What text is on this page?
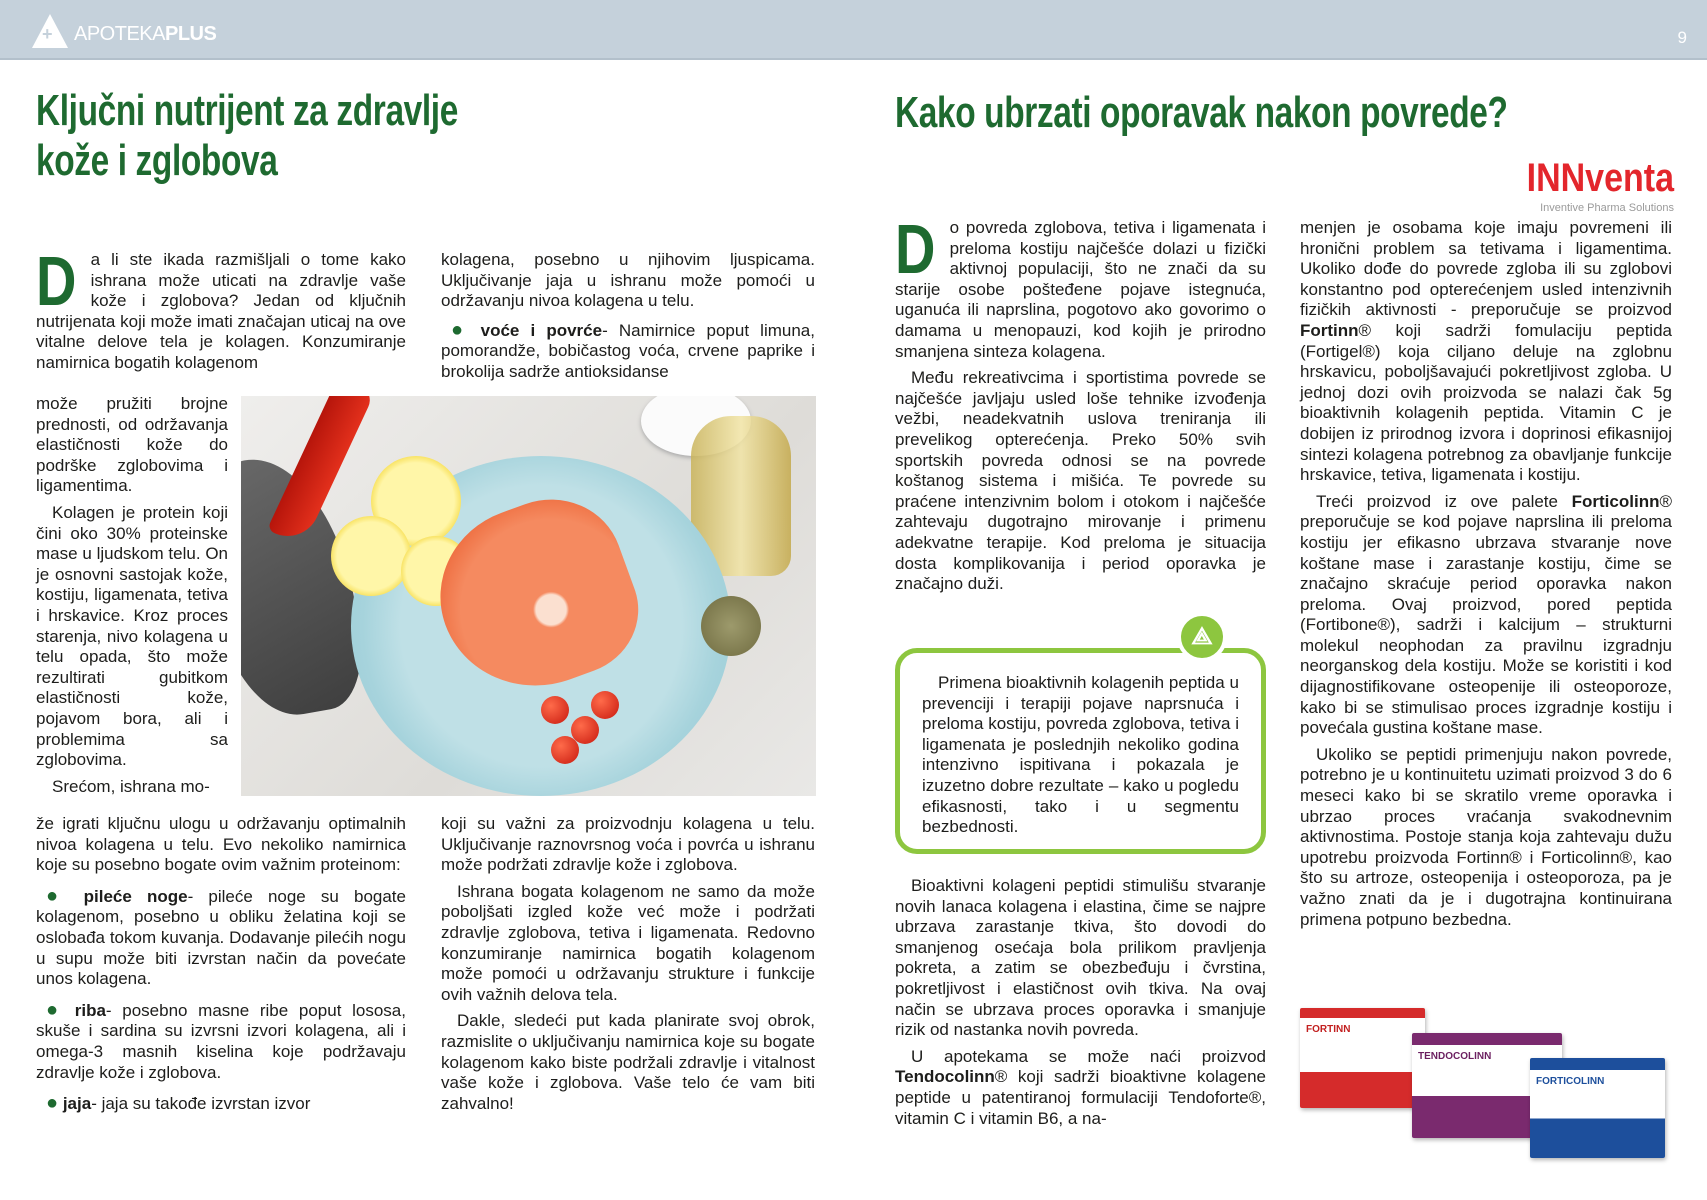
+
APOTEKAPLUS	9
Ključni nutrijent za zdravlje
kože i zglobova
Kako ubrzati oporavak nakon povrede?
INNventa
Inventive Pharma Solutions

Da li ste ikada razmišljali o tome kako ishrana može uticati na zdravlje vaše kože i zglobova? Jedan od ključnih nutrijenata koji može imati značajan uticaj na ove vitalne delove tela je kolagen. Konzumiranje namirnica bogatih kolagenom

može pružiti brojne prednosti, od održavanja elastičnosti kože do podrške zglobovima i ligamentima.

Kolagen je protein koji čini oko 30% proteinske mase u ljudskom telu. On je osnovni sastojak kože, kostiju, ligamenata, tetiva i hrskavice. Kroz proces starenja, nivo kolagena u telu opada, što može rezultirati gubitkom elastičnosti kože, pojavom bora, ali i problemima sa zglobovima.

Srećom, ishrana mo-

že igrati ključnu ulogu u održavanju optimalnih nivoa kolagena u telu. Evo nekoliko namirnica koje su posebno bogate ovim važnim proteinom:

● pileće noge- pileće noge su bogate kolagenom, posebno u obliku želatina koji se oslobađa tokom kuvanja. Dodavanje pilećih nogu u supu može biti izvrstan način da povećate unos kolagena.

● riba- posebno masne ribe poput lososa, skuše i sardina su izvrsni izvori kolagena, ali i omega-3 masnih kiselina koje podržavaju zdravlje kože i zglobova.

● jaja- jaja su takođe izvrstan izvor

kolagena, posebno u njihovim ljuspicama. Uključivanje jaja u ishranu može pomoći u održavanju nivoa kolagena u telu.

● voće i povrće- Namirnice poput limuna, pomorandže, bobičastog voća, crvene paprike i brokolija sadrže antioksidanse

koji su važni za proizvodnju kolagena u telu. Uključivanje raznovrsnog voća i povrća u ishranu može podržati zdravlje kože i zglobova.

Ishrana bogata kolagenom ne samo da može poboljšati izgled kože već može i podržati zdravlje zglobova, tetiva i ligamenata. Redovno konzumiranje namirnica bogatih kolagenom može pomoći u održavanju strukture i funkcije ovih važnih delova tela.

Dakle, sledeći put kada planirate svoj obrok, razmislite o uključivanju namirnica koje su bogate kolagenom kako biste podržali zdravlje i vitalnost vaše kože i zglobova. Vaše telo će vam biti zahvalno!

Do povreda zglobova, tetiva i ligamenata i preloma kostiju najčešće dolazi u fizički aktivnoj populaciji, što ne znači da su starije osobe pošteđene pojave istegnuća, uganuća ili naprslina, pogotovo ako govorimo o damama u menopauzi, kod kojih je prirodno smanjena sinteza kolagena.

Među rekreativcima i sportistima povrede se najčešće javljaju usled loše tehnike izvođenja vežbi, neadekvatnih uslova treniranja ili prevelikog opterećenja. Preko 50% svih sportskih povreda odnosi se na povrede koštanog sistema i mišića. Te povrede su praćene intenzivnim bolom i otokom i najčešće zahtevaju dugotrajno mirovanje i primenu adekvatne terapije. Kod preloma je situacija dosta komplikovanija i period oporavka je značajno duži.

Primena bioaktivnih kolagenih peptida u prevenciji i terapiji pojave naprsnuća i preloma kostiju, povreda zglobova, tetiva i ligamenata je poslednjih nekoliko godina intenzivno ispitivana i pokazala je izuzetno dobre rezultate – kako u pogledu efikasnosti, tako i u segmentu bezbednosti.

⟁

Bioaktivni kolageni peptidi stimulišu stvaranje novih lanaca kolagena i elastina, čime se najpre ubrzava zarastanje tkiva, što dovodi do smanjenog osećaja bola prilikom pravljenja pokreta, a zatim se obezbeđuju i čvrstina, pokretljivost i elastičnost ovih tkiva. Na ovaj način se ubrzava proces oporavka i smanjuje rizik od nastanka novih povreda.

U apotekama se može naći proizvod Tendocolinn® koji sadrži bioaktivne kolagene peptide u patentiranoj formulaciji Tendoforte®, vitamin C i vitamin B6, a na-

menjen je osobama koje imaju povremeni ili hronični problem sa tetivama i ligamentima. Ukoliko dođe do povrede zgloba ili su zglobovi konstantno pod opterećenjem usled intenzivnih fizičkih aktivnosti - preporučuje se proizvod Fortinn® koji sadrži fomulaciju peptida (Fortigel®) koja ciljano deluje na zglobnu hrskavicu, poboljšavajući pokretljivost zgloba. U jednoj dozi ovih proizvoda se nalazi čak 5g bioaktivnih kolagenih peptida. Vitamin C je dobijen iz prirodnog izvora i doprinosi efikasnijoj sintezi kolagena potrebnog za obavljanje funkcije hrskavice, tetiva, ligamenata i kostiju.

Treći proizvod iz ove palete Forticolinn® preporučuje se kod pojave naprslina ili preloma kostiju jer efikasno ubrzava stvaranje nove koštane mase i zarastanje kostiju, čime se značajno skraćuje period oporavka nakon preloma. Ovaj proizvod, pored peptida (Fortibone®), sadrži i kalcijum – strukturni molekul neophodan za pravilnu izgradnju neorganskog dela kostiju. Može se koristiti i kod dijagnostifikovane osteopenije ili osteoporoze, kako bi se stimulisao proces izgradnje kostiju i povećala gustina koštane mase.

Ukoliko se peptidi primenjuju nakon povrede, potrebno je u kontinuitetu uzimati proizvod 3 do 6 meseci kako bi se skratilo vreme oporavka i ubrzao proces vraćanja svakodnevnim aktivnostima. Postoje stanja koja zahtevaju dužu upotrebu proizvoda Fortinn® i Forticolinn®, kao što su artroze, osteopenija i osteoporoza, pa je važno znati da je i dugotrajna kontinuirana primena potpuno bezbedna.

FORTINN
TENDOCOLINN
FORTICOLINN
